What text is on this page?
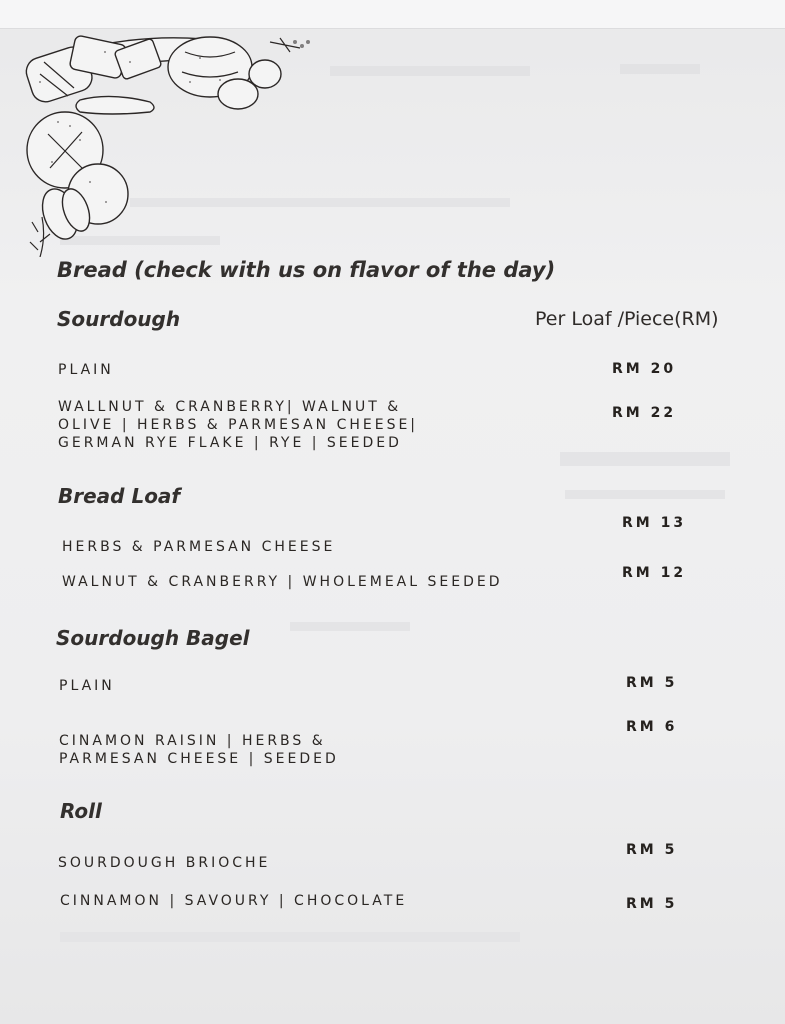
Bread (check with us on flavor of the day)
Sourdough	Per Loaf /Piece(RM)
PLAIN	RM 20
WALLNUT & CRANBERRY| WALNUT &
OLIVE | HERBS & PARMESAN CHEESE|
GERMAN RYE FLAKE | RYE | SEEDED
RM 22
Bread Loaf
HERBS & PARMESAN CHEESE
RM 13
WALNUT & CRANBERRY | WHOLEMEAL SEEDED
RM 12
Sourdough Bagel
PLAIN	RM 5
CINAMON RAISIN | HERBS &
PARMESAN CHEESE | SEEDED
RM 6
Roll
SOURDOUGH BRIOCHE
RM 5
CINNAMON | SAVOURY | CHOCOLATE	RM 5
